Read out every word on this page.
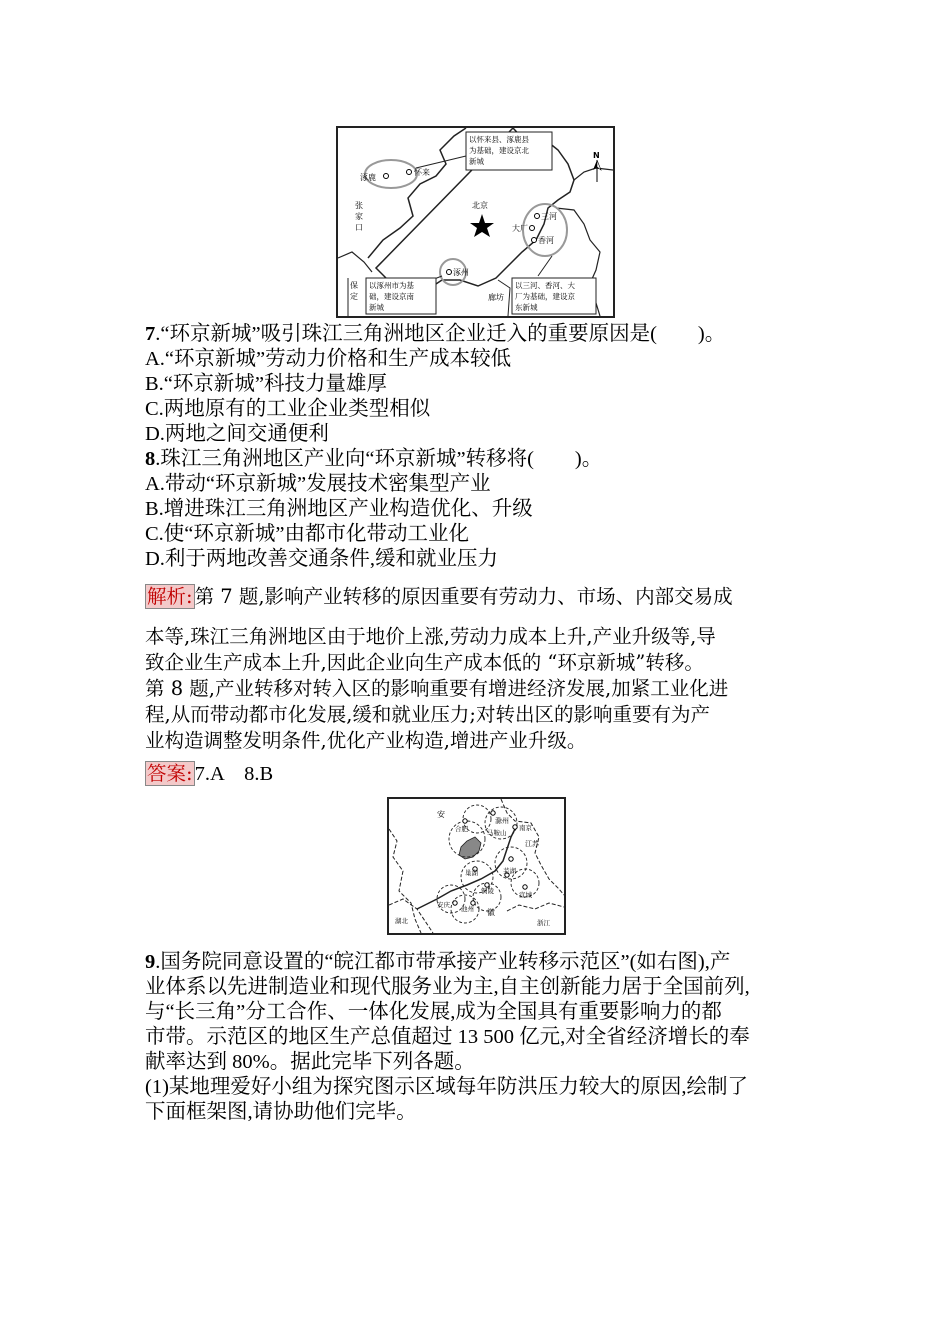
涿鹿
怀来
北京
三河
大厂
香河
涿州
廊坊
N
张家口
保定
以怀来县、涿鹿县为基础，建设京北新城
以涿州市为基础，建设京南新城
以三河、香河、大厂为基础，建设京东新城
7.“环京新城”吸引珠江三角洲地区企业迁入的重要原因是(　　)。
A.“环京新城”劳动力价格和生产成本较低
B.“环京新城”科技力量雄厚
C.两地原有的工业企业类型相似
D.两地之间交通便利
8.珠江三角洲地区产业向“环京新城”转移将(　　)。
A.带动“环京新城”发展技术密集型产业
B.增进珠江三角洲地区产业构造优化、升级
C.使“环京新城”由都市化带动工业化
D.利于两地改善交通条件,缓和就业压力
解析: 第 7 题,影响产业转移的原因重要有劳动力、市场、内部交易成
本等,珠江三角洲地区由于地价上涨,劳动力成本上升,产业升级等,导
致企业生产成本上升,因此企业向生产成本低的 “环京新城”转移。
第 8 题,产业转移对转入区的影响重要有增进经济发展,加紧工业化进
程,从而带动都市化发展,缓和就业压力;对转出区的影响重要有为产
业构造调整发明条件,优化产业构造,增进产业升级。
答案:7.A　8.B
安
合肥
滁州
马鞍山
南京
江苏
巢湖	芜湖
铜陵	宣城
安庆 池州 徽
湖北	浙江
9.国务院同意设置的“皖江都市带承接产业转移示范区”(如右图),产
业体系以先进制造业和现代服务业为主,自主创新能力居于全国前列,
与“长三角”分工合作、一体化发展,成为全国具有重要影响力的都
市带。示范区的地区生产总值超过 13 500 亿元,对全省经济增长的奉
献率达到 80%。据此完毕下列各题。
(1)某地理爱好小组为探究图示区域每年防洪压力较大的原因,绘制了
下面框架图,请协助他们完毕。
